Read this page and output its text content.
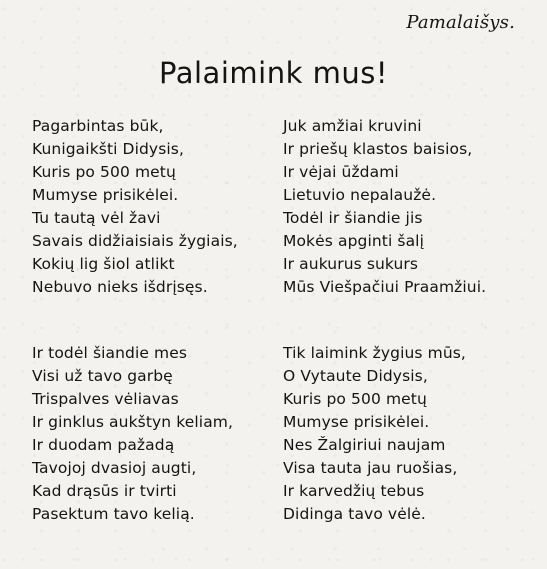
Pamalaišys.
Palaimink mus!
Pagarbintas būk,
Kunigaikšti Didysis,
Kuris po 500 metų
Mumyse prisikėlei.
Tu tautą vėl žavi
Savais didžiaisiais žygiais,
Kokių lig šiol atlikt
Nebuvo nieks išdrįsęs.
Juk amžiai kruvini
Ir priešų klastos baisios,
Ir vėjai ūždami
Lietuvio nepalaužė.
Todėl ir šiandie jis
Mokės apginti šalį
Ir aukurus sukurs
Mūs Viešpačiui Praamžiui.
Ir todėl šiandie mes
Visi už tavo garbę
Trispalves vėliavas
Ir ginklus aukštyn keliam,
Ir duodam pažadą
Tavojoj dvasioj augti,
Kad drąsūs ir tvirti
Pasektum tavo kelią.
Tik laimink žygius mūs,
O Vytaute Didysis,
Kuris po 500 metų
Mumyse prisikėlei.
Nes Žalgiriui naujam
Visa tauta jau ruošias,
Ir karvedžių tebus
Didinga tavo vėlė.
